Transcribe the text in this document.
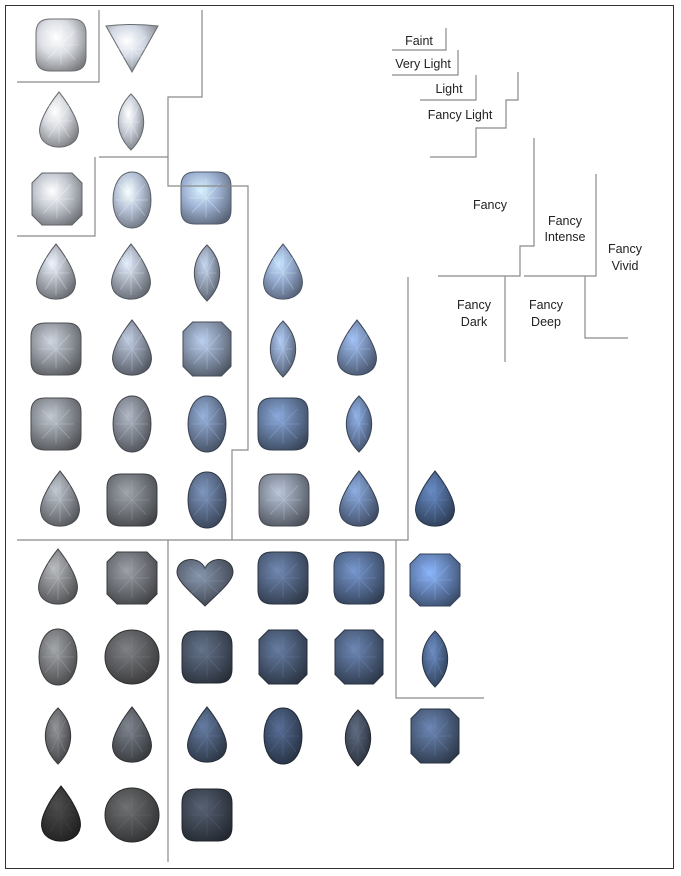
Faint
Very Light
Light
Fancy Light
Fancy
Fancy
Intense
Fancy
Vivid
Fancy
Dark
Fancy
Deep
